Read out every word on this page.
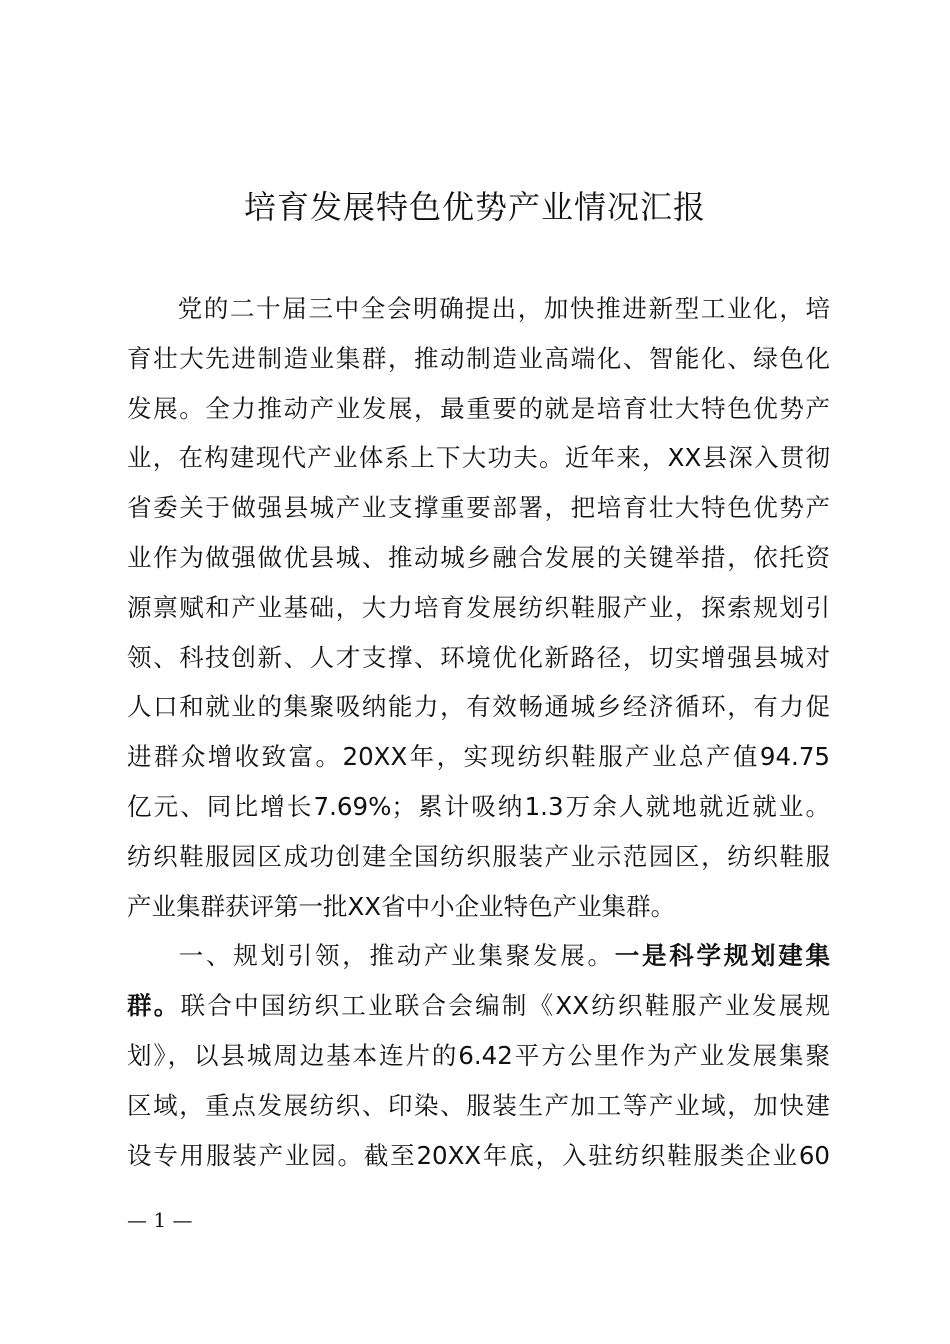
培育发展特色优势产业情况汇报
党的二十届三中全会明确提出，加快推进新型工业化，培
育壮大先进制造业集群，推动制造业高端化、智能化、绿色化
发展。全力推动产业发展，最重要的就是培育壮大特色优势产
业，在构建现代产业体系上下大功夫。近年来，XX县深入贯彻
省委关于做强县城产业支撑重要部署，把培育壮大特色优势产
业作为做强做优县城、推动城乡融合发展的关键举措，依托资
源禀赋和产业基础，大力培育发展纺织鞋服产业，探索规划引
领、科技创新、人才支撑、环境优化新路径，切实增强县城对
人口和就业的集聚吸纳能力，有效畅通城乡经济循环，有力促
进群众增收致富。20XX年，实现纺织鞋服产业总产值94.75
亿元、同比增长7.69%；累计吸纳1.3万余人就地就近就业。
纺织鞋服园区成功创建全国纺织服装产业示范园区，纺织鞋服
产业集群获评第一批XX省中小企业特色产业集群。
一、规划引领，推动产业集聚发展。一是科学规划建集
群。联合中国纺织工业联合会编制《XX纺织鞋服产业发展规
划》，以县城周边基本连片的6.42平方公里作为产业发展集聚
区域，重点发展纺织、印染、服装生产加工等产业域，加快建
设专用服装产业园。截至20XX年底，入驻纺织鞋服类企业60
— 1 —
